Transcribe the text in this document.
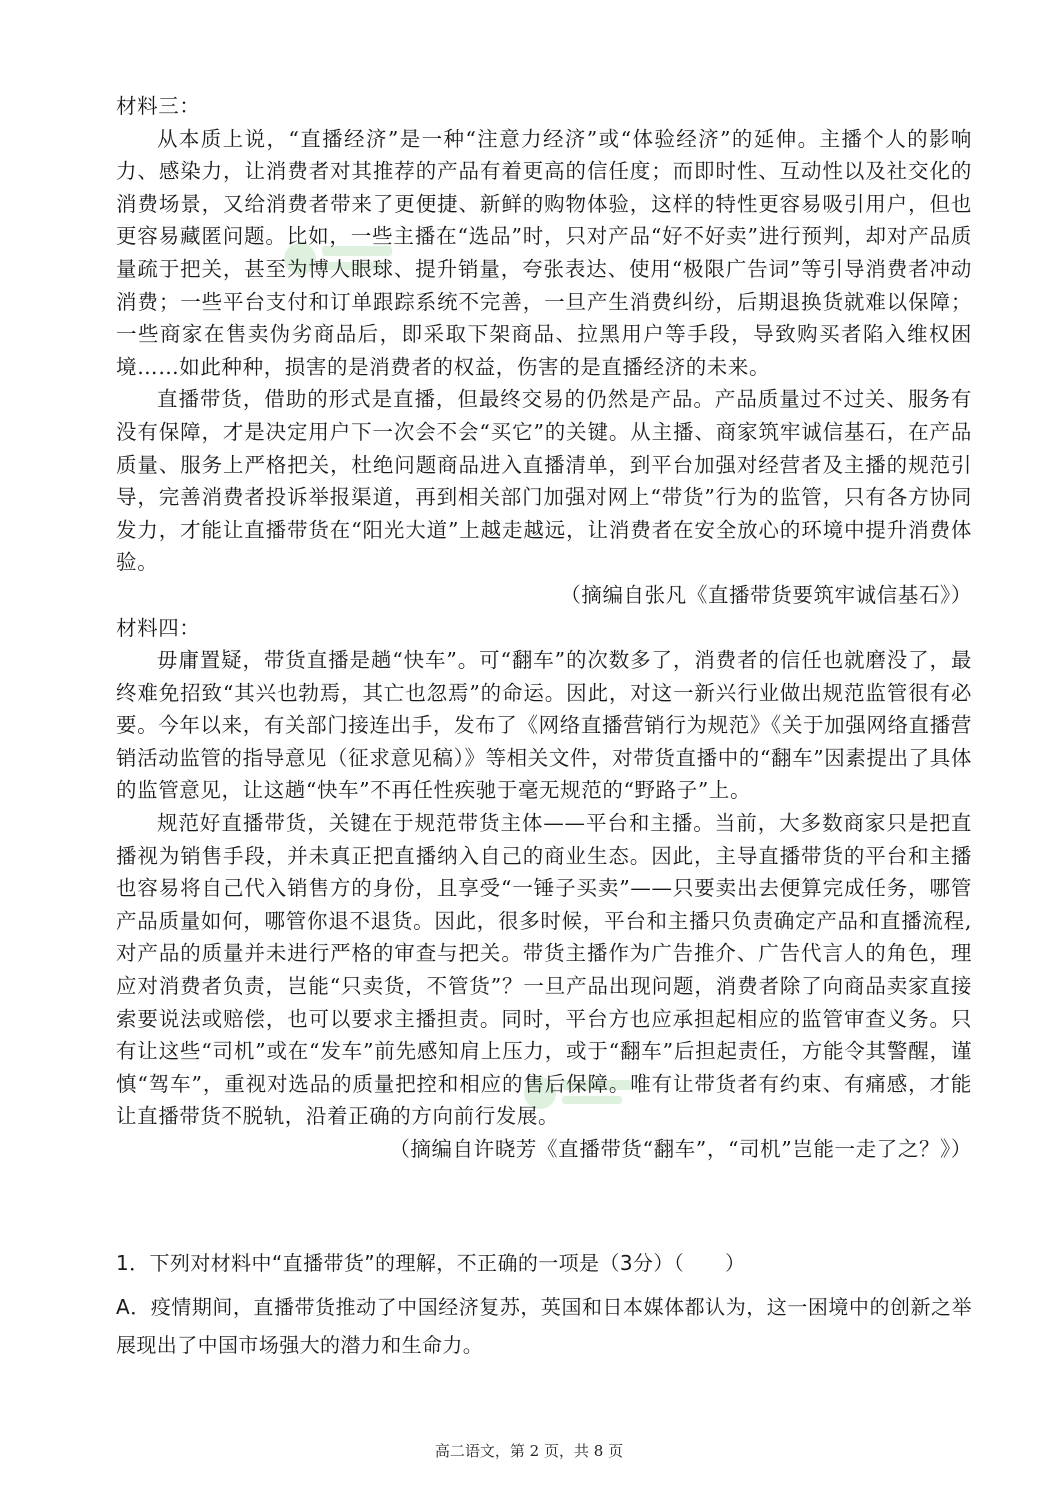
材料三：

从本质上说，“直播经济”是一种“注意力经济”或“体验经济”的延伸。主播个人的影响力、感染力，让消费者对其推荐的产品有着更高的信任度；而即时性、互动性以及社交化的消费场景，又给消费者带来了更便捷、新鲜的购物体验，这样的特性更容易吸引用户，但也更容易藏匿问题。比如，一些主播在“选品”时，只对产品“好不好卖”进行预判，却对产品质量疏于把关，甚至为博人眼球、提升销量，夸张表达、使用“极限广告词”等引导消费者冲动消费；一些平台支付和订单跟踪系统不完善，一旦产生消费纠纷，后期退换货就难以保障；一些商家在售卖伪劣商品后，即采取下架商品、拉黑用户等手段，导致购买者陷入维权困境……如此种种，损害的是消费者的权益，伤害的是直播经济的未来。

直播带货，借助的形式是直播，但最终交易的仍然是产品。产品质量过不过关、服务有没有保障，才是决定用户下一次会不会“买它”的关键。从主播、商家筑牢诚信基石，在产品质量、服务上严格把关，杜绝问题商品进入直播清单，到平台加强对经营者及主播的规范引导，完善消费者投诉举报渠道，再到相关部门加强对网上“带货”行为的监管，只有各方协同发力，才能让直播带货在“阳光大道”上越走越远，让消费者在安全放心的环境中提升消费体验。

（摘编自张凡《直播带货要筑牢诚信基石》）

材料四：

毋庸置疑，带货直播是趟“快车”。可“翻车”的次数多了，消费者的信任也就磨没了，最终难免招致“其兴也勃焉，其亡也忽焉”的命运。因此，对这一新兴行业做出规范监管很有必要。今年以来，有关部门接连出手，发布了《网络直播营销行为规范》《关于加强网络直播营销活动监管的指导意见（征求意见稿）》等相关文件，对带货直播中的“翻车”因素提出了具体的监管意见，让这趟“快车”不再任性疾驰于毫无规范的“野路子”上。

规范好直播带货，关键在于规范带货主体——平台和主播。当前，大多数商家只是把直播视为销售手段，并未真正把直播纳入自己的商业生态。因此，主导直播带货的平台和主播也容易将自己代入销售方的身份，且享受“一锤子买卖”——只要卖出去便算完成任务，哪管产品质量如何，哪管你退不退货。因此，很多时候，平台和主播只负责确定产品和直播流程,对产品的质量并未进行严格的审查与把关。带货主播作为广告推介、广告代言人的角色，理应对消费者负责，岂能“只卖货，不管货”？一旦产品出现问题，消费者除了向商品卖家直接索要说法或赔偿，也可以要求主播担责。同时，平台方也应承担起相应的监管审查义务。只有让这些“司机”或在“发车”前先感知肩上压力，或于“翻车”后担起责任，方能令其警醒，谨慎“驾车”，重视对选品的质量把控和相应的售后保障。唯有让带货者有约束、有痛感，才能让直播带货不脱轨，沿着正确的方向前行发展。

（摘编自许晓芳《直播带货“翻车”，“司机”岂能一走了之？》）

1．下列对材料中“直播带货”的理解，不正确的一项是（3分）（　　）

A．疫情期间，直播带货推动了中国经济复苏，英国和日本媒体都认为，这一困境中的创新之举展现出了中国市场强大的潜力和生命力。

高二语文，第 2 页，共 8 页
